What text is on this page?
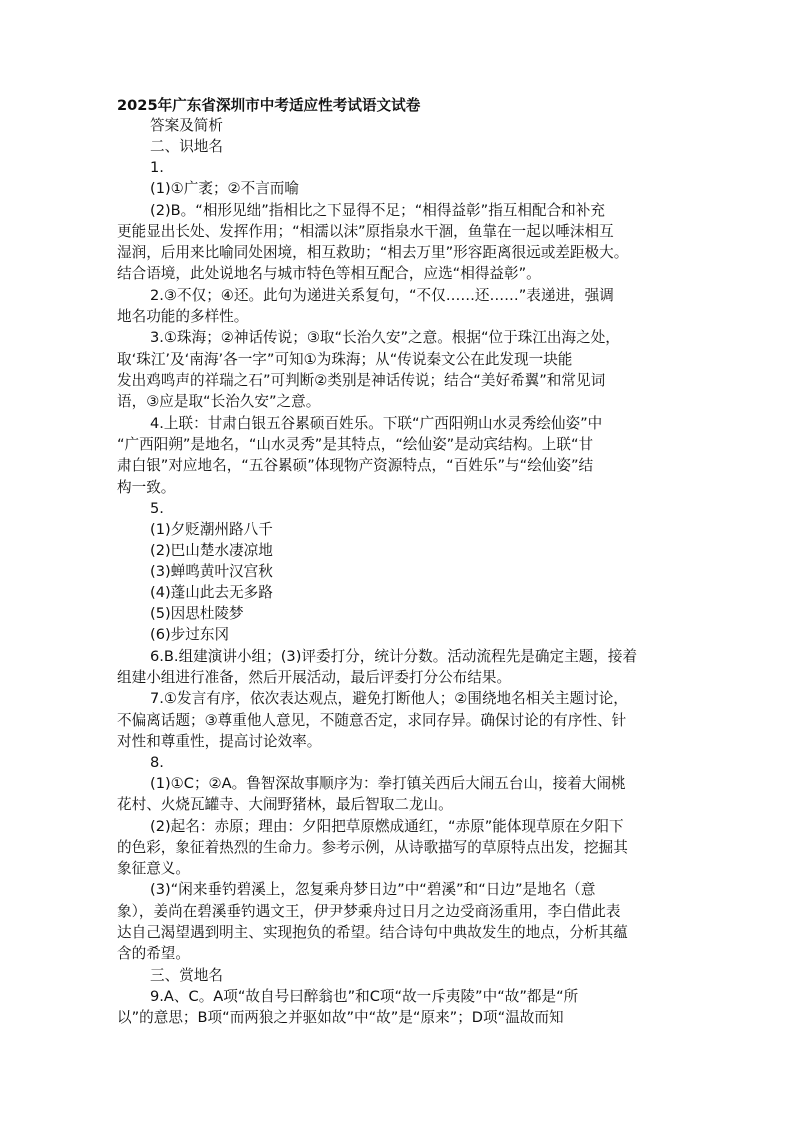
2025年广东省深圳市中考适应性考试语文试卷

答案及简析

二、识地名

1.

(1)①广袤；②不言而喻

(2)B。“相形见绌”指相比之下显得不足；“相得益彰”指互相配合和补充

更能显出长处、发挥作用；“相濡以沫”原指泉水干涸，鱼靠在一起以唾沫相互

湿润，后用来比喻同处困境，相互救助；“相去万里”形容距离很远或差距极大。

结合语境，此处说地名与城市特色等相互配合，应选“相得益彰”。

2.③不仅；④还。此句为递进关系复句，“不仅……还……”表递进，强调

地名功能的多样性。

3.①珠海；②神话传说；③取“长治久安”之意。根据“位于珠江出海之处，

取‘珠江’及‘南海’各一字”可知①为珠海；从“传说秦文公在此发现一块能

发出鸡鸣声的祥瑞之石”可判断②类别是神话传说；结合“美好希翼”和常见词

语，③应是取“长治久安”之意。

4.上联：甘肃白银五谷累硕百姓乐。下联“广西阳朔山水灵秀绘仙姿”中

“广西阳朔”是地名，“山水灵秀”是其特点，“绘仙姿”是动宾结构。上联“甘

肃白银”对应地名，“五谷累硕”体现物产资源特点，“百姓乐”与“绘仙姿”结

构一致。

5.

(1)夕贬潮州路八千

(2)巴山楚水凄凉地

(3)蝉鸣黄叶汉宫秋

(4)蓬山此去无多路

(5)因思杜陵梦

(6)步过东冈

6.B.组建演讲小组；(3)评委打分，统计分数。活动流程先是确定主题，接着

组建小组进行准备，然后开展活动，最后评委打分公布结果。

7.①发言有序，依次表达观点，避免打断他人；②围绕地名相关主题讨论，

不偏离话题；③尊重他人意见，不随意否定，求同存异。确保讨论的有序性、针

对性和尊重性，提高讨论效率。

8.

(1)①C；②A。鲁智深故事顺序为：拳打镇关西后大闹五台山，接着大闹桃

花村、火烧瓦罐寺、大闹野猪林，最后智取二龙山。

(2)起名：赤原；理由：夕阳把草原燃成通红，“赤原”能体现草原在夕阳下

的色彩，象征着热烈的生命力。参考示例，从诗歌描写的草原特点出发，挖掘其

象征意义。

(3)“闲来垂钓碧溪上，忽复乘舟梦日边”中“碧溪”和“日边”是地名（意

象），姜尚在碧溪垂钓遇文王，伊尹梦乘舟过日月之边受商汤重用，李白借此表

达自己渴望遇到明主、实现抱负的希望。结合诗句中典故发生的地点，分析其蕴

含的希望。

三、赏地名

9.A、C。A项“故自号曰醉翁也”和C项“故一斥夷陵”中“故”都是“所

以”的意思；B项“而两狼之并驱如故”中“故”是“原来”；D项“温故而知
